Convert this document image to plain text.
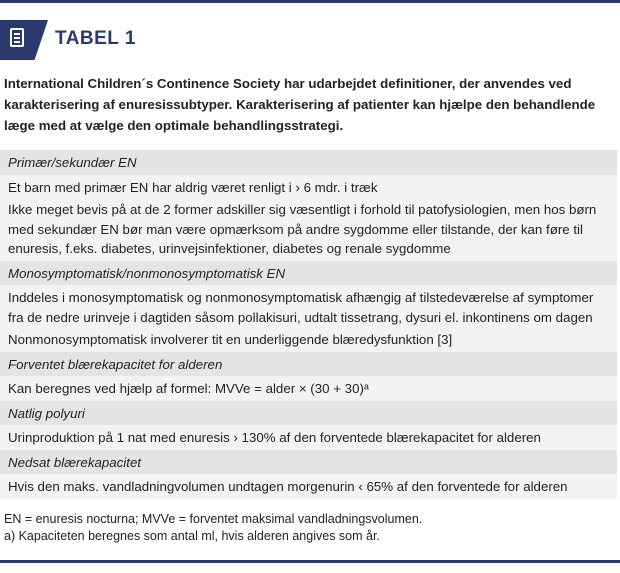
TABEL 1
International Children´s Continence Society har udarbejdet definitioner, der anvendes ved karakterisering af enuresissubtyper. Karakterisering af patienter kan hjælpe den behandlende læge med at vælge den optimale behandlingsstrategi.
Primær/sekundær EN
Et barn med primær EN har aldrig været renligt i › 6 mdr. i træk
Ikke meget bevis på at de 2 former adskiller sig væsentligt i forhold til patofysiologien, men hos børn med sekundær EN bør man være opmærksom på andre sygdomme eller tilstande, der kan føre til enuresis, f.eks. diabetes, urinvejsinfektioner, diabetes og renale sygdomme
Monosymptomatisk/nonmonosymptomatisk EN
Inddeles i monosymptomatisk og nonmonosymptomatisk afhængig af tilstedeværelse af symptomer fra de nedre urinveje i dagtiden såsom pollakisuri, udtalt tissetrang, dysuri el. inkontinens om dagen
Nonmonosymptomatisk involverer tit en underliggende blæredysfunktion [3]
Forventet blærekapacitet for alderen
Kan beregnes ved hjælp af formel: MVVe = alder × (30 + 30)ᵃ
Natlig polyuri
Urinproduktion på 1 nat med enuresis › 130% af den forventede blærekapacitet for alderen
Nedsat blærekapacitet
Hvis den maks. vandladningvolumen undtagen morgenurin ‹ 65% af den forventede for alderen
EN = enuresis nocturna; MVVe = forventet maksimal vandladningsvolumen.
a) Kapaciteten beregnes som antal ml, hvis alderen angives som år.
